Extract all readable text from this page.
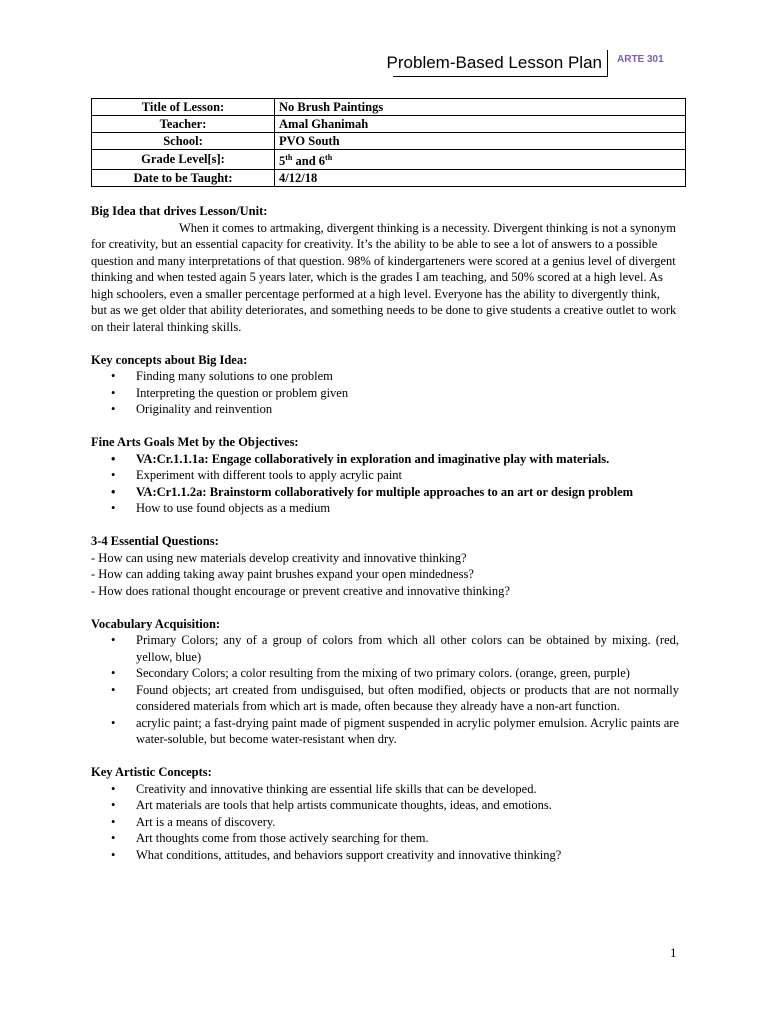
Problem-Based Lesson Plan ARTE 301
Title of Lesson:	No Brush Paintings
Teacher:	Amal Ghanimah
School:	PVO South
Grade Level[s]:	5th and 6th
Date to be Taught:	4/12/18
Big Idea that drives Lesson/Unit:

When it comes to artmaking, divergent thinking is a necessity. Divergent thinking is not a synonym for creativity, but an essential capacity for creativity. It’s the ability to be able to see a lot of answers to a possible question and many interpretations of that question. 98% of kindergarteners were scored at a genius level of divergent thinking and when tested again 5 years later, which is the grades I am teaching, and 50% scored at a high level. As high schoolers, even a smaller percentage performed at a high level. Everyone has the ability to divergently think, but as we get older that ability deteriorates, and something needs to be done to give students a creative outlet to work on their lateral thinking skills.

Key concepts about Big Idea:
• Finding many solutions to one problem
• Interpreting the question or problem given
• Originality and reinvention
Fine Arts Goals Met by the Objectives:
• VA:Cr.1.1.1a: Engage collaboratively in exploration and imaginative play with materials.
• Experiment with different tools to apply acrylic paint
• VA:Cr1.1.2a: Brainstorm collaboratively for multiple approaches to an art or design problem
• How to use found objects as a medium
3-4 Essential Questions:

- How can using new materials develop creativity and innovative thinking?

- How can adding taking away paint brushes expand your open mindedness?

- How does rational thought encourage or prevent creative and innovative thinking?

Vocabulary Acquisition:
• Primary Colors; any of a group of colors from which all other colors can be obtained by mixing. (red, yellow, blue)
• Secondary Colors; a color resulting from the mixing of two primary colors. (orange, green, purple)
• Found objects; art created from undisguised, but often modified, objects or products that are not normally considered materials from which art is made, often because they already have a non-art function.
• acrylic paint; a fast-drying paint made of pigment suspended in acrylic polymer emulsion. Acrylic paints are water-soluble, but become water-resistant when dry.
Key Artistic Concepts:
• Creativity and innovative thinking are essential life skills that can be developed.
• Art materials are tools that help artists communicate thoughts, ideas, and emotions.
• Art is a means of discovery.
• Art thoughts come from those actively searching for them.
• What conditions, attitudes, and behaviors support creativity and innovative thinking?
1
